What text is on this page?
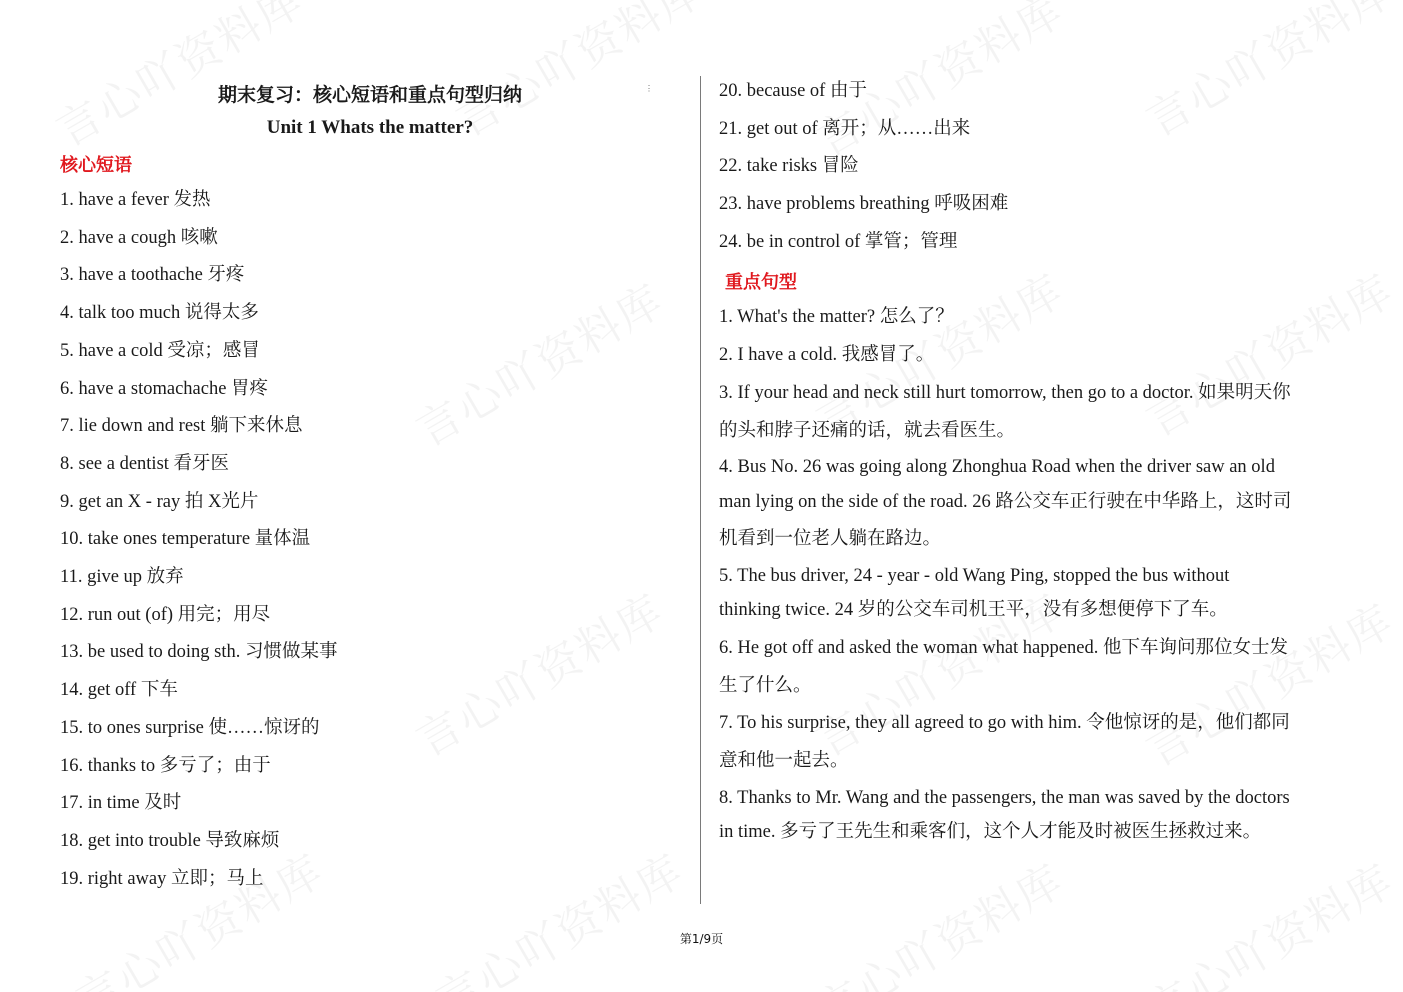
期末复习：核心短语和重点句型归纳
Unit 1 Whats the matter?
⋮
核心短语
1. have a fever 发热
2. have a cough 咳嗽
3. have a toothache 牙疼
4. talk too much 说得太多
5. have a cold 受凉；感冒
6. have a stomachache 胃疼
7. lie down and rest 躺下来休息
8. see a dentist 看牙医
9. get an X - ray 拍 X光片
10. take ones temperature 量体温
11. give up 放弃
12. run out (of) 用完；用尽
13. be used to doing sth. 习惯做某事
14. get off 下车
15. to ones surprise 使……惊讶的
16. thanks to 多亏了；由于
17. in time 及时
18. get into trouble 导致麻烦
19. right away 立即；马上
20. because of 由于
21. get out of 离开；从……出来
22. take risks 冒险
23. have problems breathing 呼吸困难
24. be in control of 掌管；管理
重点句型
1. What's the matter? 怎么了？
2. I have a cold. 我感冒了。
3. If your head and neck still hurt tomorrow, then go to a doctor. 如果明天你
的头和脖子还痛的话，就去看医生。
4. Bus No. 26 was going along Zhonghua Road when the driver saw an old
man lying on the side of the road. 26 路公交车正行驶在中华路上，这时司
机看到一位老人躺在路边。
5. The bus driver, 24 - year - old Wang Ping, stopped the bus without
thinking twice. 24 岁的公交车司机王平，没有多想便停下了车。
6. He got off and asked the woman what happened. 他下车询问那位女士发
生了什么。
7. To his surprise, they all agreed to go with him. 令他惊讶的是，他们都同
意和他一起去。
8. Thanks to Mr. Wang and the passengers, the man was saved by the doctors
in time. 多亏了王先生和乘客们，这个人才能及时被医生拯救过来。
第1/9页
